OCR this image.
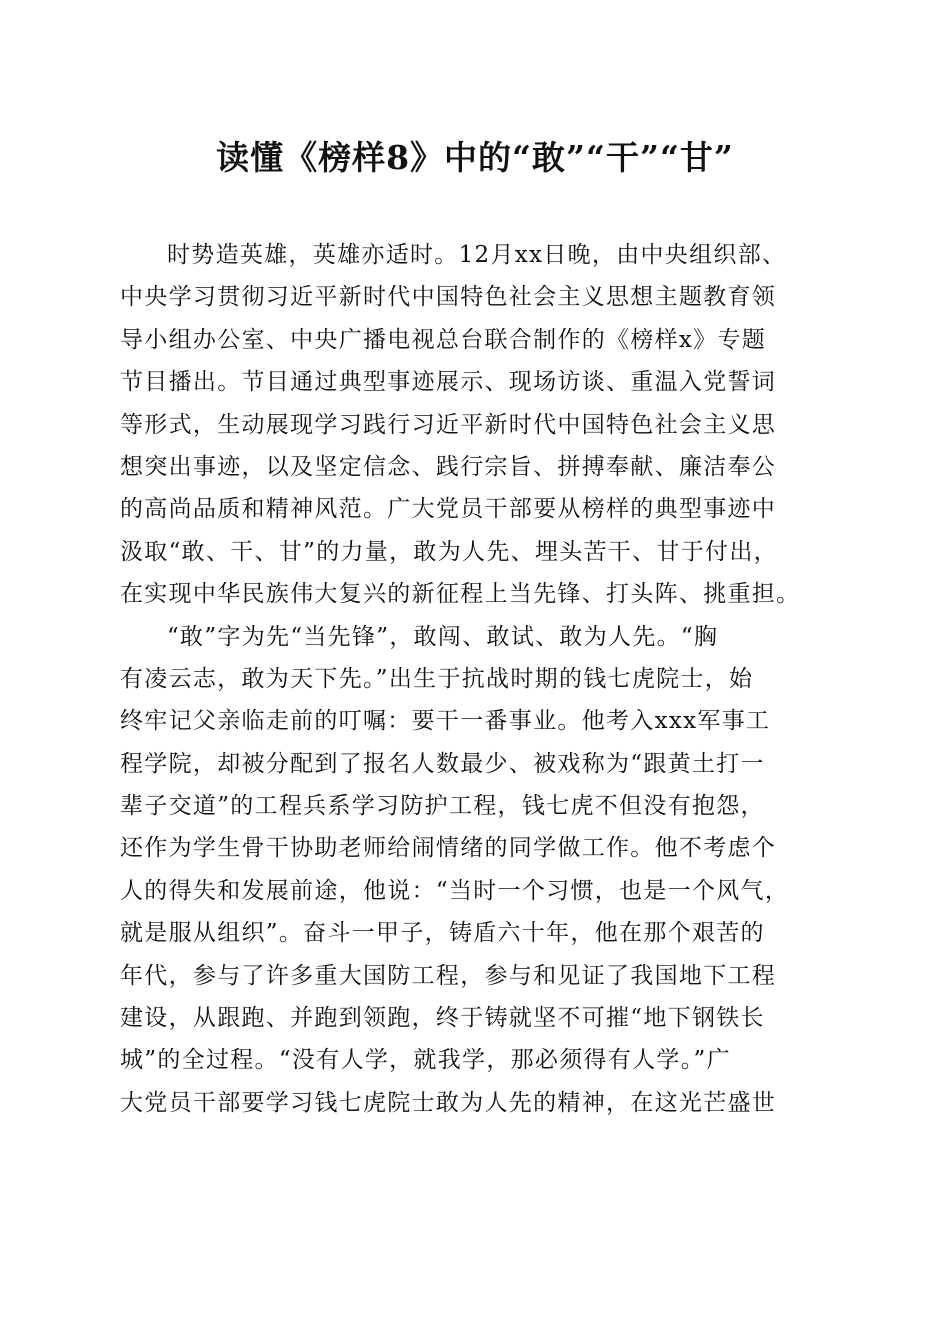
读懂《榜样8》中的“敢”“干”“甘”
时势造英雄，英雄亦适时。12月xx日晚，由中央组织部、
中央学习贯彻习近平新时代中国特色社会主义思想主题教育领
导小组办公室、中央广播电视总台联合制作的《榜样x》专题
节目播出。节目通过典型事迹展示、现场访谈、重温入党誓词
等形式，生动展现学习践行习近平新时代中国特色社会主义思
想突出事迹，以及坚定信念、践行宗旨、拼搏奉献、廉洁奉公
的高尚品质和精神风范。广大党员干部要从榜样的典型事迹中
汲取“敢、干、甘”的力量，敢为人先、埋头苦干、甘于付出，
在实现中华民族伟大复兴的新征程上当先锋、打头阵、挑重担。
“敢”字为先“当先锋”，敢闯、敢试、敢为人先。“胸
有凌云志，敢为天下先。”出生于抗战时期的钱七虎院士，始
终牢记父亲临走前的叮嘱：要干一番事业。他考入xxx军事工
程学院，却被分配到了报名人数最少、被戏称为“跟黄土打一
辈子交道”的工程兵系学习防护工程，钱七虎不但没有抱怨，
还作为学生骨干协助老师给闹情绪的同学做工作。他不考虑个
人的得失和发展前途，他说：“当时一个习惯，也是一个风气，
就是服从组织”。奋斗一甲子，铸盾六十年，他在那个艰苦的
年代，参与了许多重大国防工程，参与和见证了我国地下工程
建设，从跟跑、并跑到领跑，终于铸就坚不可摧“地下钢铁长
城”的全过程。“没有人学，就我学，那必须得有人学。”广
大党员干部要学习钱七虎院士敢为人先的精神，在这光芒盛世
